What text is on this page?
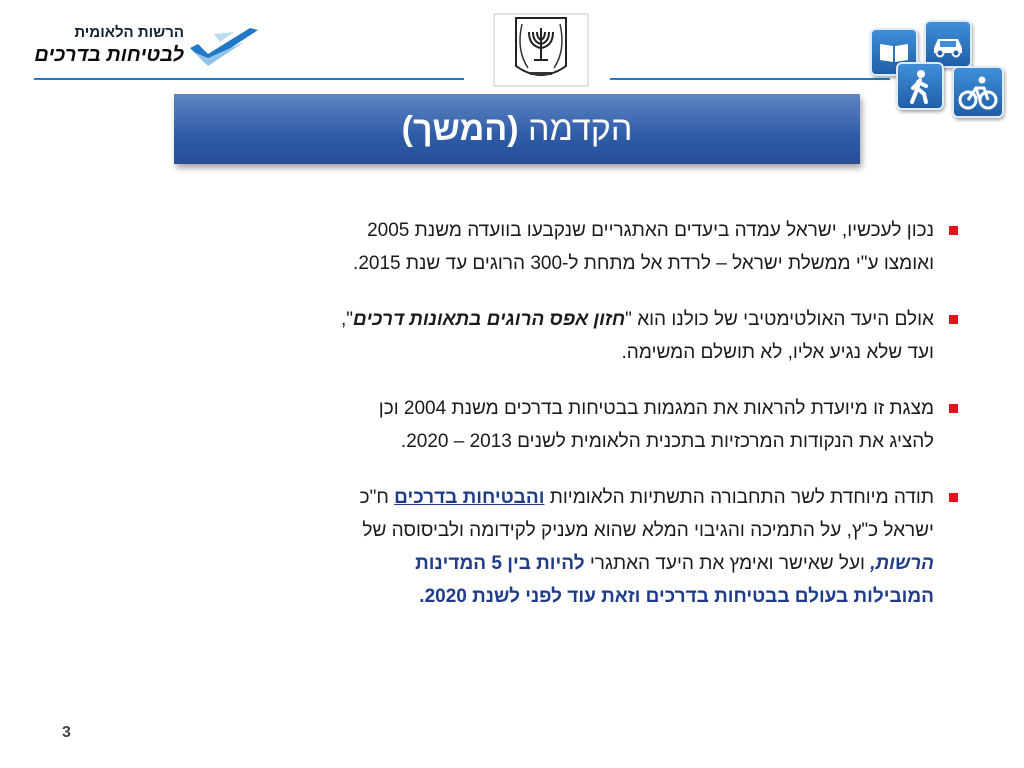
הרשות הלאומית
לבטיחות בדרכים
הקדמה (המשך)
נכון לעכשיו, ישראל עמדה ביעדים האתגריים שנקבעו בוועדה משנת 2005
ואומצו ע"י ממשלת ישראל – לרדת אל מתחת ל-300 הרוגים עד שנת 2015.
אולם היעד האולטימטיבי של כולנו הוא "חזון אפס הרוגים בתאונות דרכים",
ועד שלא נגיע אליו, לא תושלם המשימה.
מצגת זו מיועדת להראות את המגמות בבטיחות בדרכים משנת 2004 וכן
להציג את הנקודות המרכזיות בתכנית הלאומית לשנים 2013 – 2020.
תודה מיוחדת לשר התחבורה התשתיות הלאומיות והבטיחות בדרכים ח"כ
ישראל כ"ץ, על התמיכה והגיבוי המלא שהוא מעניק לקידומה ולביסוסה של
הרשות, ועל שאישר ואימץ את היעד האתגרי להיות בין 5 המדינות
המובילות בעולם בבטיחות בדרכים וזאת עוד לפני לשנת 2020.
3
